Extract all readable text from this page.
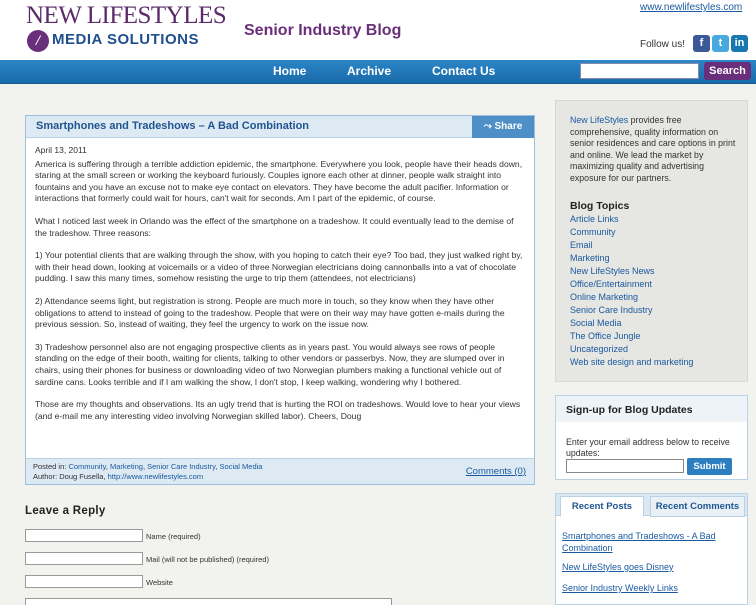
NEW LIFESTYLES
/ MEDIA SOLUTIONS
Senior Industry Blog
www.newlifestyles.com
Follow us!	f	t	in
Home	Archive	Contact Us	Search
Smartphones and Tradeshows – A Bad Combination	⤳ Share
April 13, 2011

America is suffering through a terrible addiction epidemic, the smartphone. Everywhere you look, people have their heads down, staring at the small screen or working the keyboard furiously. Couples ignore each other at dinner, people walk straight into fountains and you have an excuse not to make eye contact on elevators. They have become the adult pacifier. Information or interactions that formerly could wait for hours, can't wait for seconds. Am I part of the epidemic, of course.

What I noticed last week in Orlando was the effect of the smartphone on a tradeshow. It could eventually lead to the demise of the tradeshow. Three reasons:

1) Your potential clients that are walking through the show, with you hoping to catch their eye? Too bad, they just walked right by, with their head down, looking at voicemails or a video of three Norwegian electricians doing cannonballs into a vat of chocolate pudding. I saw this many times, somehow resisting the urge to trip them (attendees, not electricians)

2) Attendance seems light, but registration is strong. People are much more in touch, so they know when they have other obligations to attend to instead of going to the tradeshow. People that were on their way may have gotten e-mails during the previous session. So, instead of waiting, they feel the urgency to work on the issue now.

3) Tradeshow personnel also are not engaging prospective clients as in years past. You would always see rows of people standing on the edge of their booth, waiting for clients, talking to other vendors or passerbys. Now, they are slumped over in chairs, using their phones for business or downloading video of two Norwegian plumbers making a functional vehicle out of sardine cans. Looks terrible and if I am walking the show, I don't stop, I keep walking, wondering why I bothered.

Those are my thoughts and observations. Its an ugly trend that is hurting the ROI on tradeshows. Would love to hear your views (and e-mail me any interesting video involving Norwegian skilled labor). Cheers, Doug

Posted in: Community, Marketing, Senior Care Industry, Social Media
Author: Doug Fusella, http://www.newlifestyles.com	Comments (0)
Leave a Reply
Name (required)
Mail (will not be published) (required)
Website
New LifeStyles provides free comprehensive, quality information on senior residences and care options in print and online. We lead the market by maximizing quality and advertising exposure for our partners.
Blog Topics
Article Links
Community
Email
Marketing
New LifeStyles News
Office/Entertainment
Online Marketing
Senior Care Industry
Social Media
The Office Jungle
Uncategorized
Web site design and marketing
Sign-up for Blog Updates
Enter your email address below to receive updates:
Submit
Recent Posts	Recent Comments
Smartphones and Tradeshows - A Bad Combination
New LifeStyles goes Disney
Senior Industry Weekly Links
